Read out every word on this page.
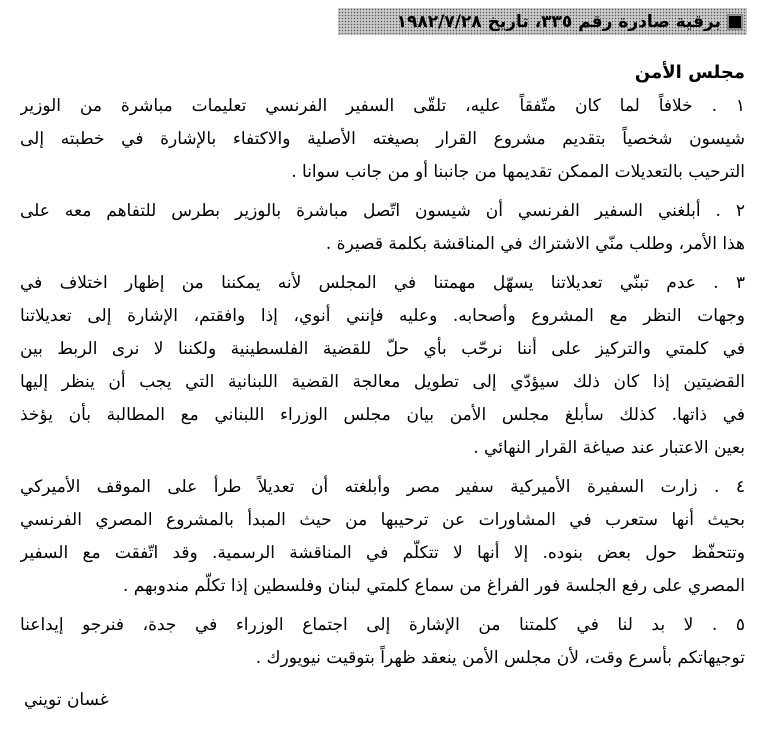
برقية صادرة رقم ٣٣٥، تاريخ ١٩٨٢/٧/٢٨
مجلس الأمن
١ . خلافاً لما كان متّفقاً عليه، تلقّى السفير الفرنسي تعليمات مباشرة من الوزير
شيسون شخصياً بتقديم مشروع القرار بصيغته الأصلية والاكتفاء بالإشارة في خطبته إلى
الترحيب بالتعديلات الممكن تقديمها من جانبنا أو من جانب سوانا .
٢ . أبلغني السفير الفرنسي أن شيسون اتّصل مباشرة بالوزير بطرس للتفاهم معه على
هذا الأمر، وطلب منّي الاشتراك في المناقشة بكلمة قصيرة .
٣ . عدم تبنّي تعديلاتنا يسهّل مهمتنا في المجلس لأنه يمكننا من إظهار اختلاف في
وجهات النظر مع المشروع وأصحابه. وعليه فإنني أنوي، إذا وافقتم، الإشارة إلى تعديلاتنا
في كلمتي والتركيز على أننا نرحّب بأي حلّ للقضية الفلسطينية ولكننا لا نرى الربط بين
القضيتين إذا كان ذلك سيؤدّي إلى تطويل معالجة القضية اللبنانية التي يجب أن ينظر إليها
في ذاتها. كذلك سأبلغ مجلس الأمن بيان مجلس الوزراء اللبناني مع المطالبة بأن يؤخذ
بعين الاعتبار عند صياغة القرار النهائي .
٤ . زارت السفيرة الأميركية سفير مصر وأبلغته أن تعديلاً طرأ على الموقف الأميركي
بحيث أنها ستعرب في المشاورات عن ترحيبها من حيث المبدأ بالمشروع المصري الفرنسي
وتتحفّظ حول بعض بنوده. إلا أنها لا تتكلّم في المناقشة الرسمية. وقد اتّفقت مع السفير
المصري على رفع الجلسة فور الفراغ من سماع كلمتي لبنان وفلسطين إذا تكلّم مندوبهم .
٥ . لا بد لنا في كلمتنا من الإشارة إلى اجتماع الوزراء في جدة، فنرجو إيداعنا
توجيهاتكم بأسرع وقت، لأن مجلس الأمن ينعقد ظهراً بتوقيت نيويورك .
غسان تويني
